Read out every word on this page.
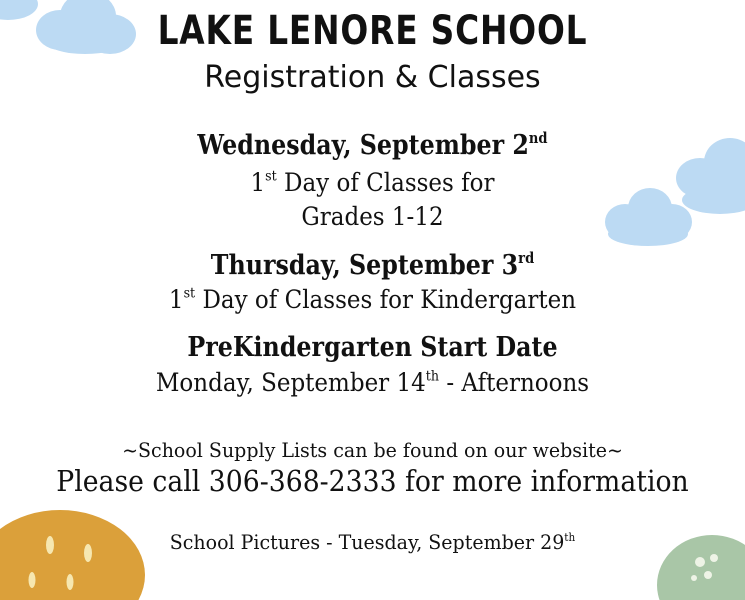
LAKE LENORE SCHOOL
Registration & Classes
Wednesday, September 2nd
1st Day of Classes for
Grades 1-12
Thursday, September 3rd
1st Day of Classes for Kindergarten
PreKindergarten Start Date
Monday, September 14th - Afternoons
~School Supply Lists can be found on our website~
Please call 306-368-2333 for more information
School Pictures - Tuesday, September 29th
